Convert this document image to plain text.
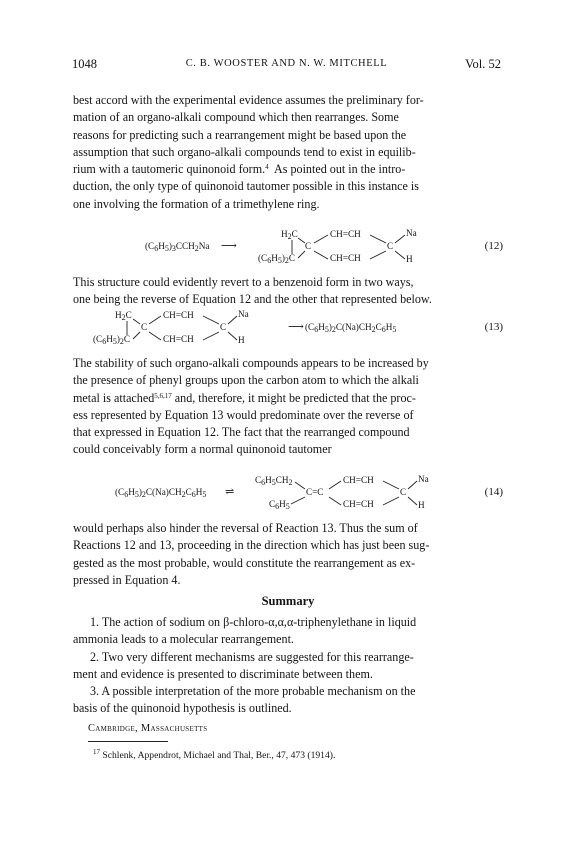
1048	C. B. WOOSTER AND N. W. MITCHELL	Vol. 52

best accord with the experimental evidence assumes the preliminary for-

mation of an organo-alkali compound which then rearranges. Some

reasons for predicting such a rearrangement might be based upon the

assumption that such organo-alkali compounds tend to exist in equilib-

rium with a tautomeric quinonoid form.$^4$ As pointed out in the intro-

duction, the only type of quinonoid tautomer possible in this instance is

one involving the formation of a trimethylene ring.

$(C_6H_5)_3CCH_2Na$ ⟶
$H_2C$
$(C_6H_5)_2C$
C
CH=CH
CH=CH
C
Na
H
(12)

This structure could evidently revert to a benzenoid form in two ways,

one being the reverse of Equation 12 and the other that represented below.

$H_2C$
$(C_6H_5)_2C$
C
CH=CH
CH=CH
C
Na
H
⟶ $(C_6H_5)_2C(Na)CH_2C_6H_5$	(13)

The stability of such organo-alkali compounds appears to be increased by

the presence of phenyl groups upon the carbon atom to which the alkali

metal is attached$^{5,6,17}$ and, therefore, it might be predicted that the proc-

ess represented by Equation 13 would predominate over the reverse of

that expressed in Equation 12. The fact that the rearranged compound

could conceivably form a normal quinonoid tautomer

$(C_6H_5)_2C(Na)CH_2C_6H_5$ ⇌
$C_6H_5CH_2$
$C_6H_5$
C=C
CH=CH
CH=CH
C
Na
H
(14)

would perhaps also hinder the reversal of Reaction 13. Thus the sum of

Reactions 12 and 13, proceeding in the direction which has just been sug-

gested as the most probable, would constitute the rearrangement as ex-

pressed in Equation 4.

Summary

1. The action of sodium on β-chloro-α,α,α-triphenylethane in liquid

ammonia leads to a molecular rearrangement.

2. Two very different mechanisms are suggested for this rearrange-

ment and evidence is presented to discriminate between them.

3. A possible interpretation of the more probable mechanism on the

basis of the quinonoid hypothesis is outlined.

Cambridge, Massachusetts
$^{17}$ Schlenk, Appendrot, Michael and Thal, Ber., 47, 473 (1914).
